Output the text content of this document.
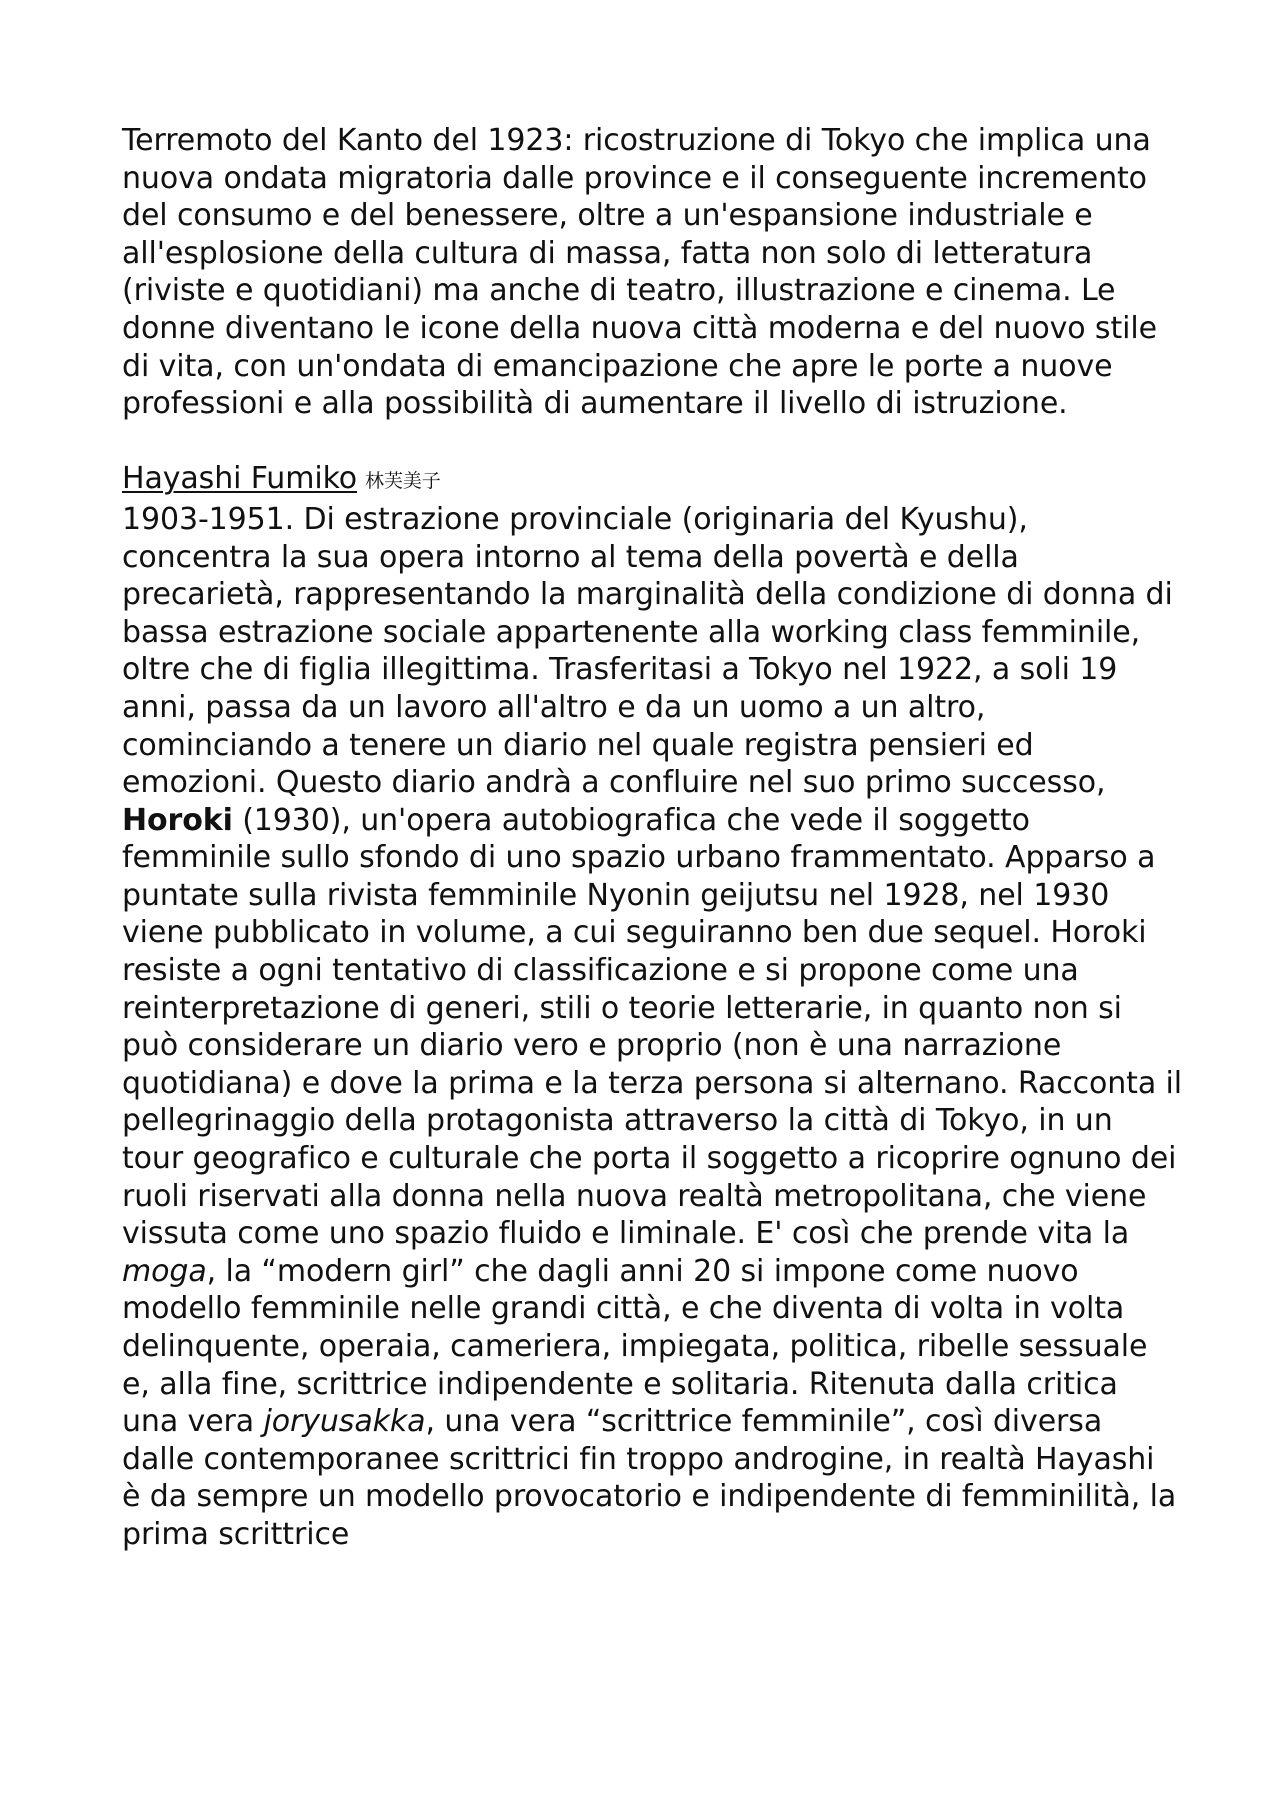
Terremoto del Kanto del 1923: ricostruzione di Tokyo che implica una nuova ondata migratoria dalle province e il conseguente incremento del consumo e del benessere, oltre a un'espansione industriale e all'esplosione della cultura di massa, fatta non solo di letteratura (riviste e quotidiani) ma anche di teatro, illustrazione e cinema. Le donne diventano le icone della nuova città moderna e del nuovo stile di vita, con un'ondata di emancipazione che apre le porte a nuove professioni e alla possibilità di aumentare il livello di istruzione.

Hayashi Fumiko 林芙美子

1903-1951. Di estrazione provinciale (originaria del Kyushu), concentra la sua opera intorno al tema della povertà e della precarietà, rappresentando la marginalità della condizione di donna di bassa estrazione sociale appartenente alla working class femminile, oltre che di figlia illegittima. Trasferitasi a Tokyo nel 1922, a soli 19 anni, passa da un lavoro all'altro e da un uomo a un altro, cominciando a tenere un diario nel quale registra pensieri ed emozioni. Questo diario andrà a confluire nel suo primo successo, Horoki (1930), un'opera autobiografica che vede il soggetto femminile sullo sfondo di uno spazio urbano frammentato. Apparso a puntate sulla rivista femminile Nyonin geijutsu nel 1928, nel 1930 viene pubblicato in volume, a cui seguiranno ben due sequel. Horoki resiste a ogni tentativo di classificazione e si propone come una reinterpretazione di generi, stili o teorie letterarie, in quanto non si può considerare un diario vero e proprio (non è una narrazione quotidiana) e dove la prima e la terza persona si alternano. Racconta il pellegrinaggio della protagonista attraverso la città di Tokyo, in un tour geografico e culturale che porta il soggetto a ricoprire ognuno dei ruoli riservati alla donna nella nuova realtà metropolitana, che viene vissuta come uno spazio fluido e liminale. E' così che prende vita la moga, la “modern girl” che dagli anni 20 si impone come nuovo modello femminile nelle grandi città, e che diventa di volta in volta delinquente, operaia, cameriera, impiegata, politica, ribelle sessuale e, alla fine, scrittrice indipendente e solitaria. Ritenuta dalla critica una vera joryusakka, una vera “scrittrice femminile”, così diversa dalle contemporanee scrittrici fin troppo androgine, in realtà Hayashi è da sempre un modello provocatorio e indipendente di femminilità, la prima scrittrice
